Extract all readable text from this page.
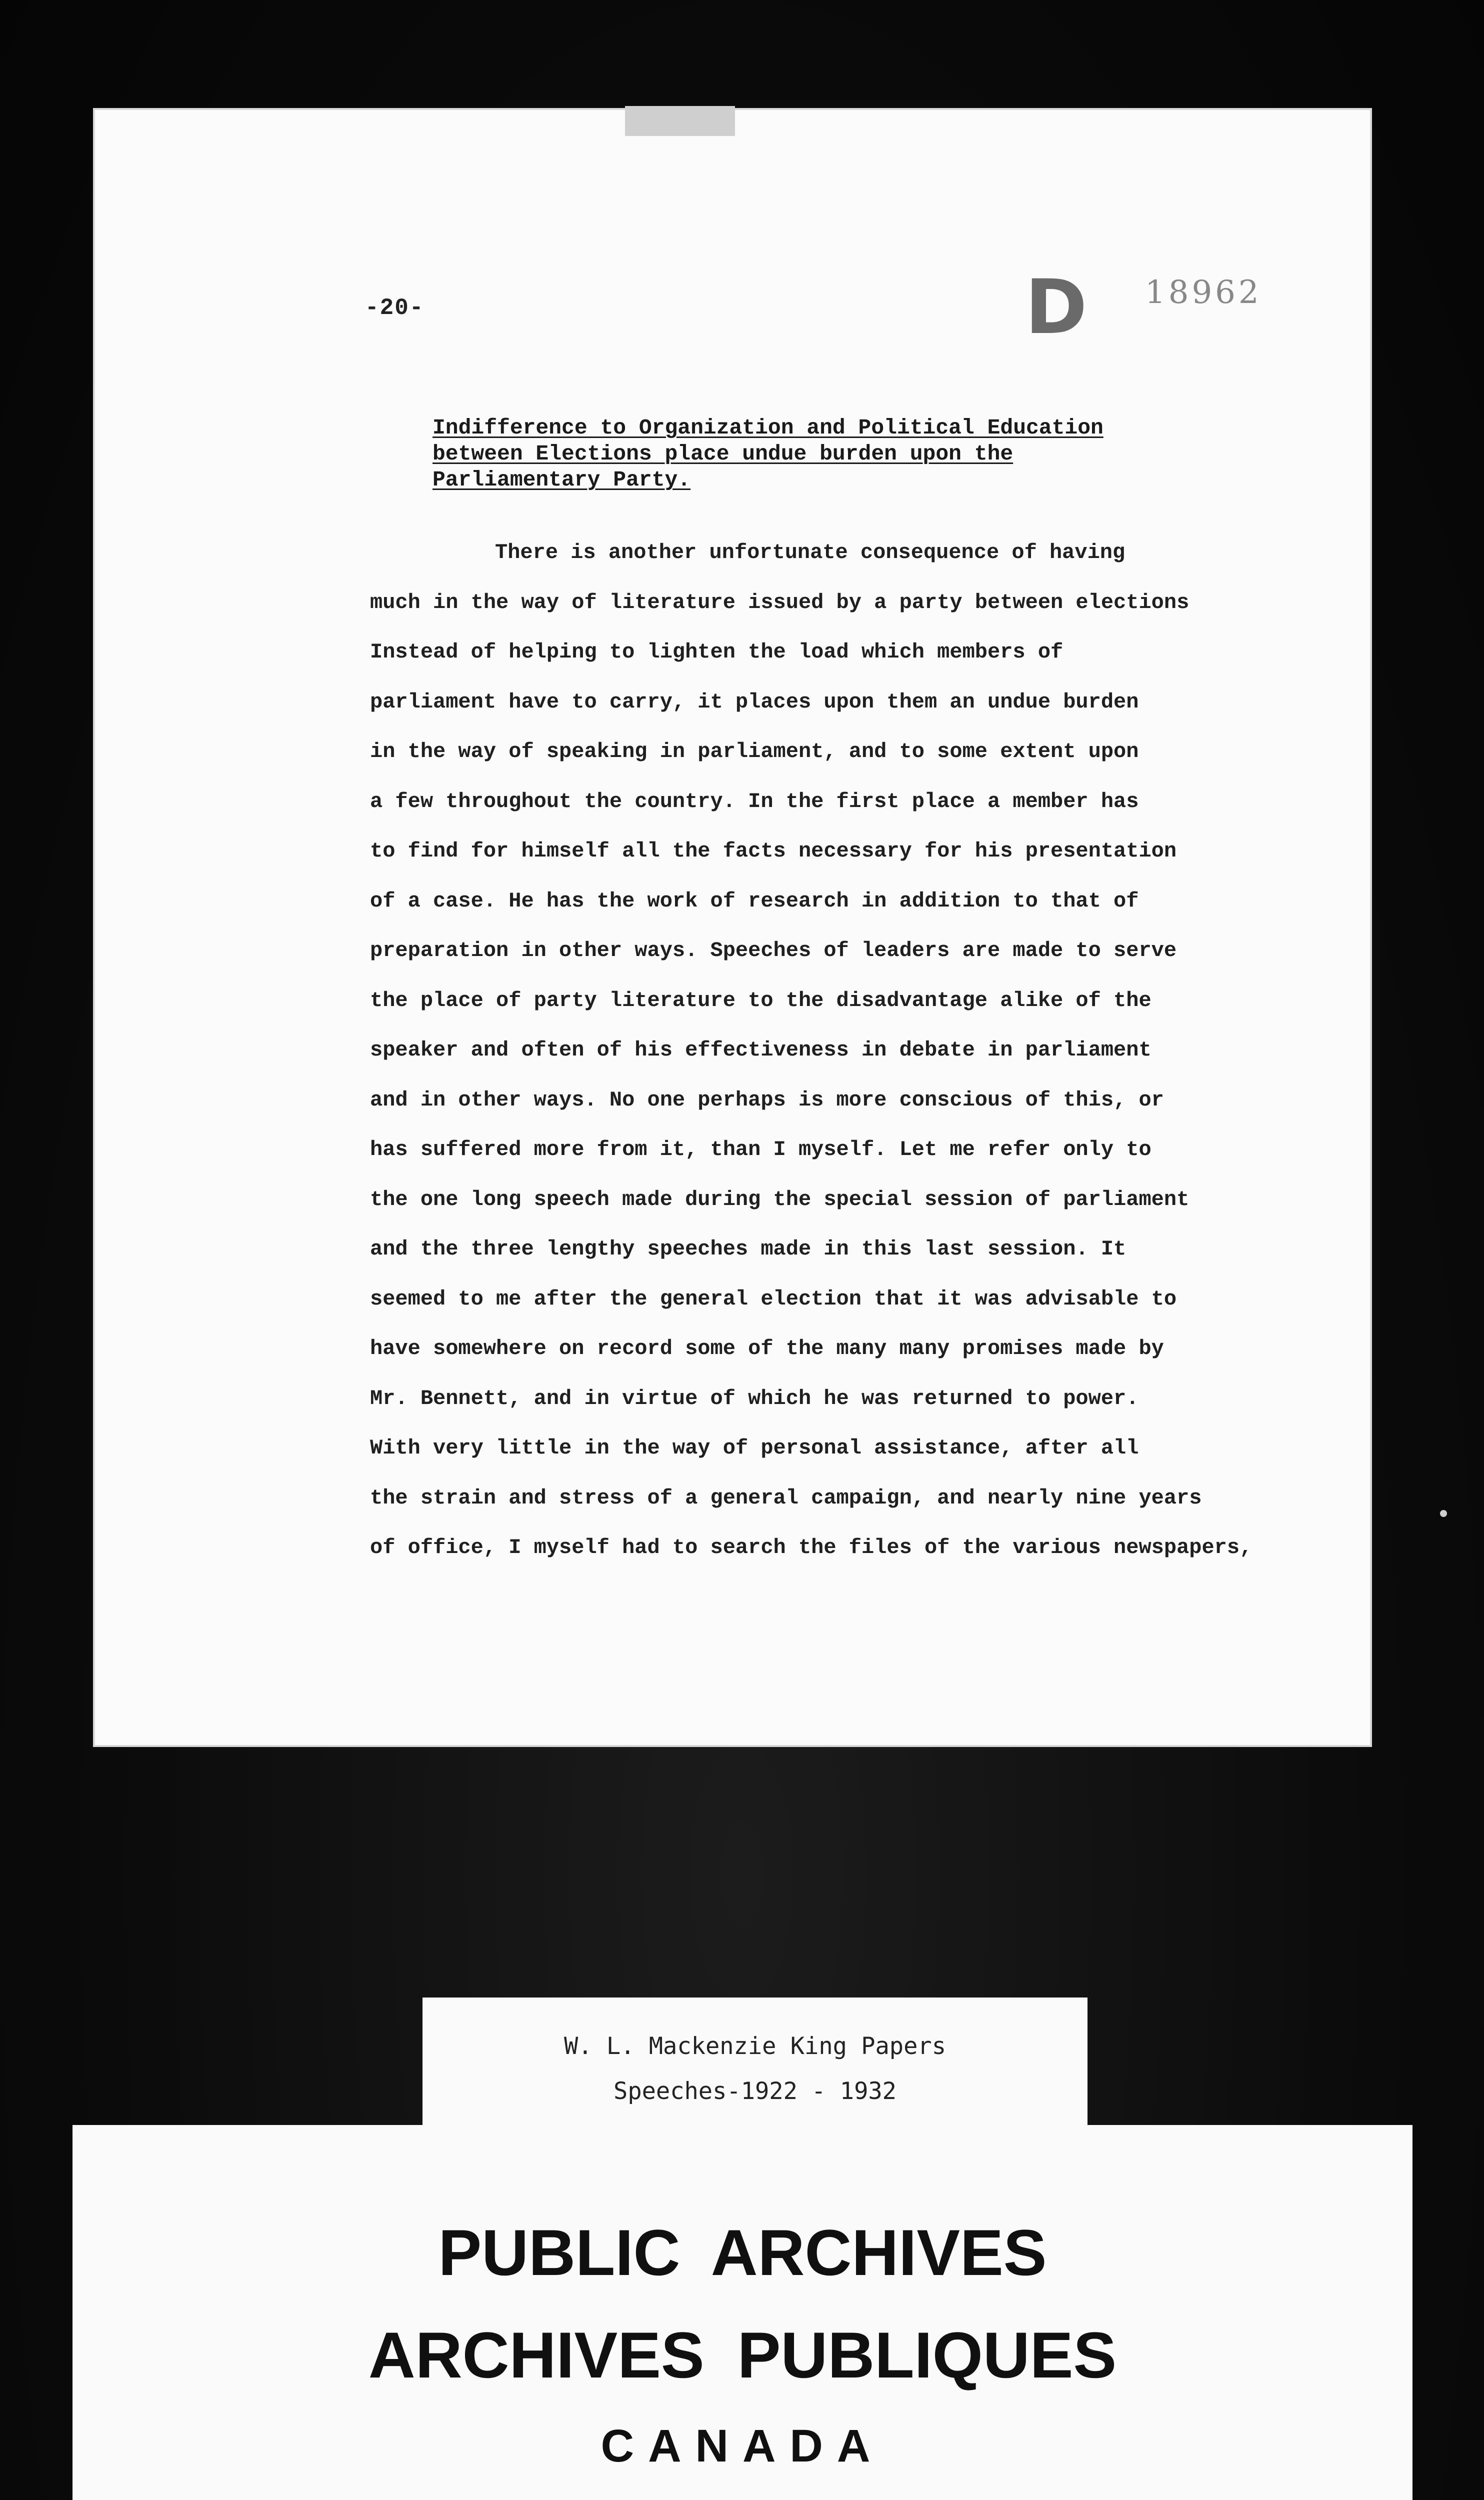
-20-	D 18962
Indifference to Organization and Political Education
between Elections place undue burden upon the
Parliamentary Party.
There is another unfortunate consequence of having
much in the way of literature issued by a party between elections
Instead of helping to lighten the load which members of
parliament have to carry, it places upon them an undue burden
in the way of speaking in parliament, and to some extent upon
a few throughout the country. In the first place a member has
to find for himself all the facts necessary for his presentation
of a case. He has the work of research in addition to that of
preparation in other ways. Speeches of leaders are made to serve
the place of party literature to the disadvantage alike of the
speaker and often of his effectiveness in debate in parliament
and in other ways. No one perhaps is more conscious of this, or
has suffered more from it, than I myself. Let me refer only to
the one long speech made during the special session of parliament
and the three lengthy speeches made in this last session. It
seemed to me after the general election that it was advisable to
have somewhere on record some of the many many promises made by
Mr. Bennett, and in virtue of which he was returned to power.
With very little in the way of personal assistance, after all
the strain and stress of a general campaign, and nearly nine years
of office, I myself had to search the files of the various newspapers,
W. L. Mackenzie King Papers
Speeches-1922 - 1932
PUBLIC ARCHIVES
ARCHIVES PUBLIQUES
CANADA
